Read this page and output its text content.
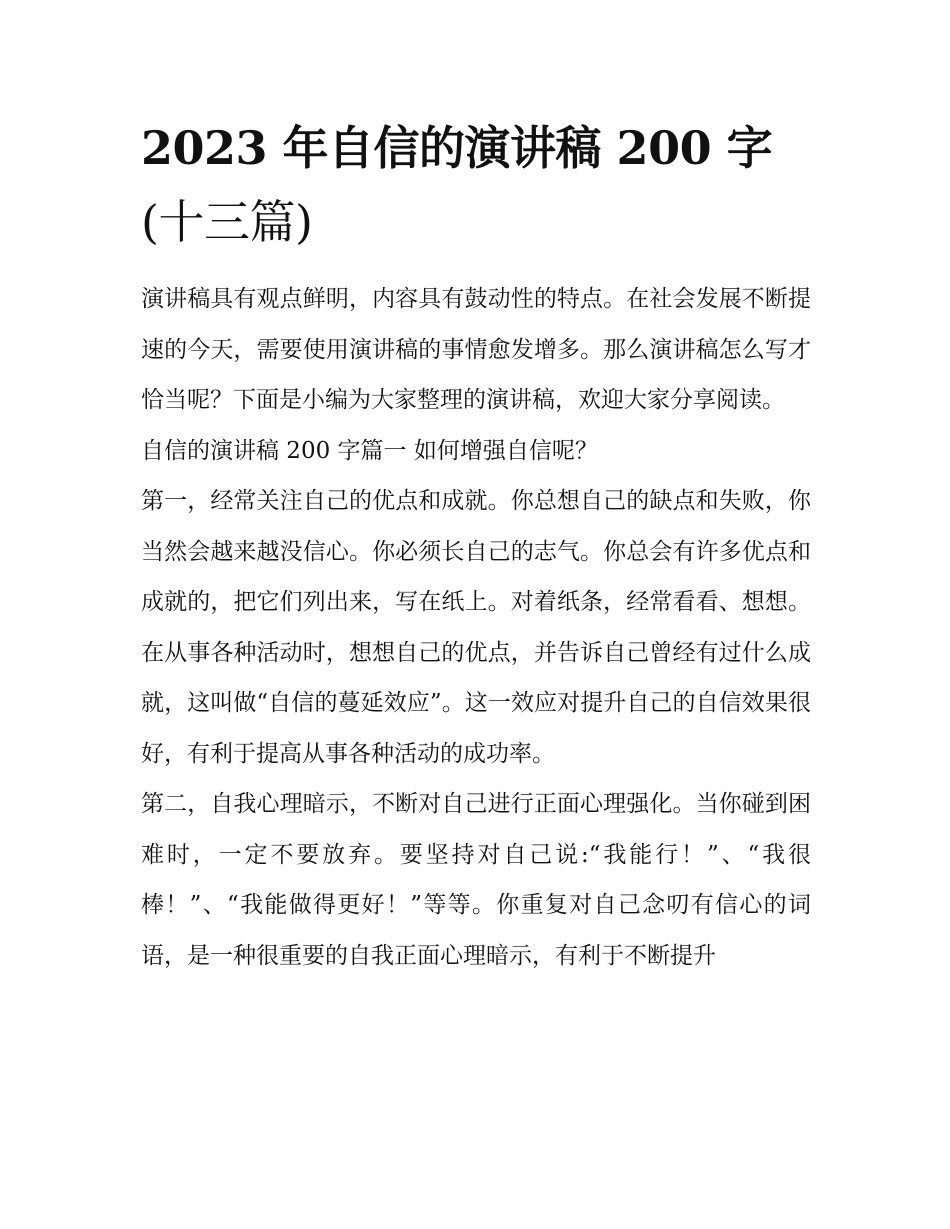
2023 年自信的演讲稿 200 字
(十三篇)

演讲稿具有观点鲜明，内容具有鼓动性的特点。在社会发展不断提速的今天，需要使用演讲稿的事情愈发增多。那么演讲稿怎么写才恰当呢？下面是小编为大家整理的演讲稿，欢迎大家分享阅读。

自信的演讲稿 200 字篇一 如何增强自信呢？

第一，经常关注自己的优点和成就。你总想自己的缺点和失败，你当然会越来越没信心。你必须长自己的志气。你总会有许多优点和成就的，把它们列出来，写在纸上。对着纸条，经常看看、想想。在从事各种活动时，想想自己的优点，并告诉自己曾经有过什么成就，这叫做“自信的蔓延效应”。这一效应对提升自己的自信效果很好，有利于提高从事各种活动的成功率。

第二，自我心理暗示，不断对自己进行正面心理强化。当你碰到困难时，一定不要放弃。要坚持对自己说:“我能行！”、“我很棒！”、“我能做得更好！”等等。你重复对自己念叨有信心的词语，是一种很重要的自我正面心理暗示，有利于不断提升
